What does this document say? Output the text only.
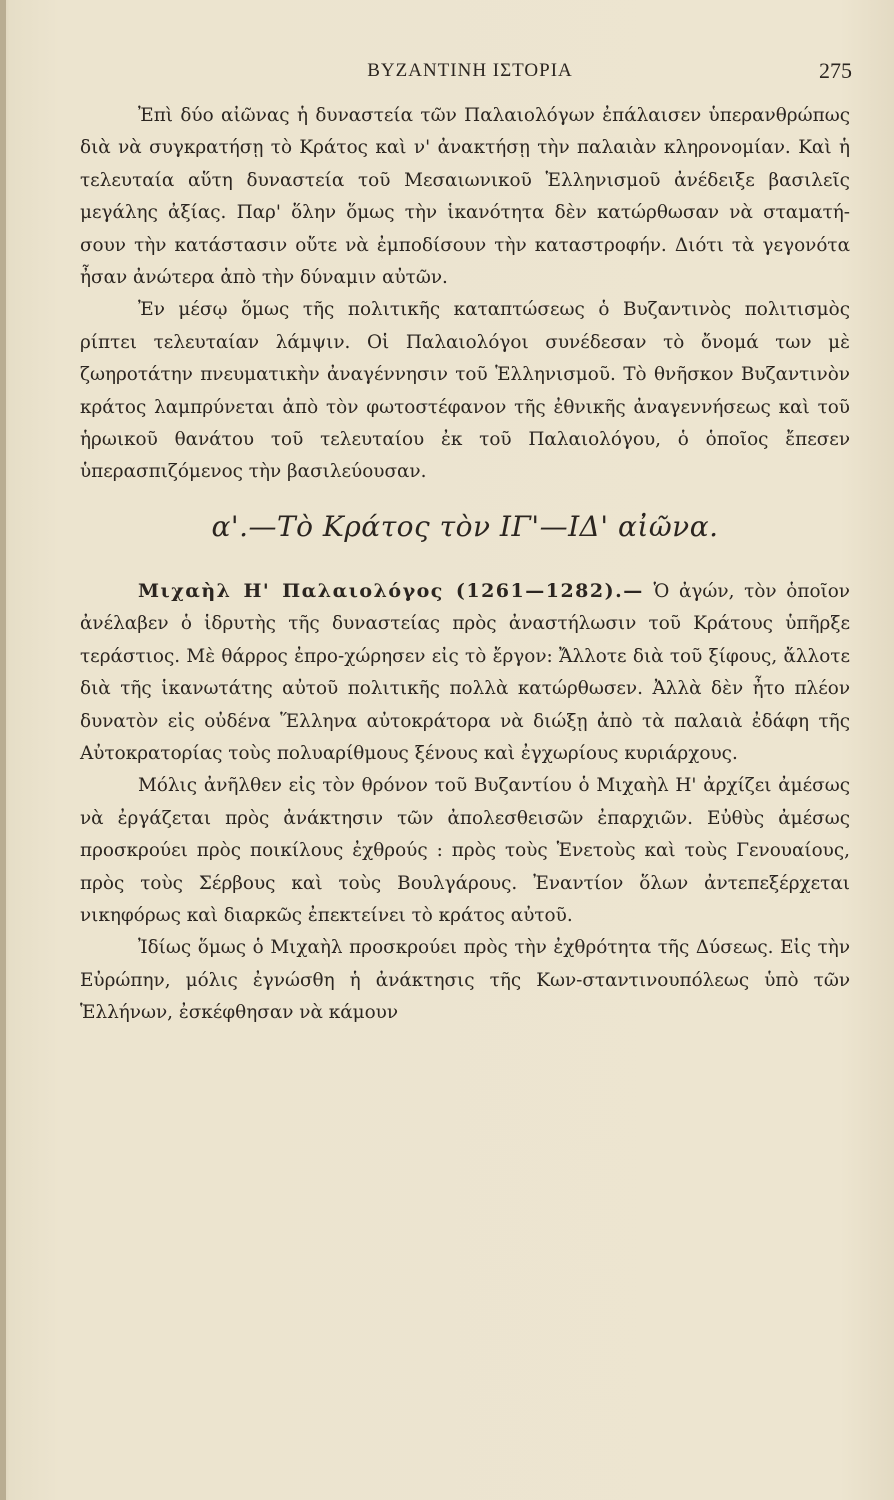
ΒΥΖΑΝΤΙΝΗ ΙΣΤΟΡΙΑ	275

Ἐπὶ δύο αἰῶνας ἡ δυναστεία τῶν Παλαιολόγων ἐπάλαισεν ὑπερανθρώπως διὰ νὰ συγκρατήσῃ τὸ Κράτος καὶ ν' ἀνακτήσῃ τὴν παλαιὰν κληρονομίαν. Καὶ ἡ τελευταία αὕτη δυναστεία τοῦ Μεσαιωνικοῦ Ἑλληνισμοῦ ἀνέδειξε βασιλεῖς μεγάλης ἀξίας. Παρ' ὅλην ὅμως τὴν ἱκανότητα δὲν κατώρθωσαν νὰ σταματή-σουν τὴν κατάστασιν οὔτε νὰ ἐμποδίσουν τὴν καταστροφήν. Διότι τὰ γεγονότα ἦσαν ἀνώτερα ἀπὸ τὴν δύναμιν αὐτῶν.

Ἐν μέσῳ ὅμως τῆς πολιτικῆς καταπτώσεως ὁ Βυζαντινὸς πολιτισμὸς ρίπτει τελευταίαν λάμψιν. Οἱ Παλαιολόγοι συνέδεσαν τὸ ὄνομά των μὲ ζωηροτάτην πνευματικὴν ἀναγέννησιν τοῦ Ἑλληνισμοῦ. Τὸ θνῆσκον Βυζαντινὸν κράτος λαμπρύνεται ἀπὸ τὸν φωτοστέφανον τῆς ἐθνικῆς ἀναγεννήσεως καὶ τοῦ ἡρωικοῦ θανάτου τοῦ τελευταίου ἐκ τοῦ Παλαιολόγου, ὁ ὁποῖος ἔπεσεν ὑπερασπιζόμενος τὴν βασιλεύουσαν.

α'.—Τὸ Κράτος τὸν ΙΓ'—ΙΔ' αἰῶνα.

Μιχαὴλ Η' Παλαιολόγος (1261—1282).— Ὁ ἀγών, τὸν ὁποῖον ἀνέλαβεν ὁ ἱδρυτὴς τῆς δυναστείας πρὸς ἀναστήλωσιν τοῦ Κράτους ὑπῆρξε τεράστιος. Μὲ θάρρος ἐπρο-χώρησεν εἰς τὸ ἔργον: Ἄλλοτε διὰ τοῦ ξίφους, ἄλλοτε διὰ τῆς ἱκανωτάτης αὐτοῦ πολιτικῆς πολλὰ κατώρθωσεν. Ἀλλὰ δὲν ἦτο πλέον δυνατὸν εἰς οὐδένα Ἕλληνα αὐτοκράτορα νὰ διώξῃ ἀπὸ τὰ παλαιὰ ἐδάφη τῆς Αὐτοκρατορίας τοὺς πολυαρίθμους ξένους καὶ ἐγχωρίους κυριάρχους.

Μόλις ἀνῆλθεν εἰς τὸν θρόνον τοῦ Βυζαντίου ὁ Μιχαὴλ Η' ἀρχίζει ἀμέσως νὰ ἐργάζεται πρὸς ἀνάκτησιν τῶν ἀπολεσθεισῶν ἐπαρχιῶν. Εὐθὺς ἀμέσως προσκρούει πρὸς ποικίλους ἐχθρούς : πρὸς τοὺς Ἑνετοὺς καὶ τοὺς Γενουαίους, πρὸς τοὺς Σέρβους καὶ τοὺς Βουλγάρους. Ἐναντίον ὅλων ἀντεπεξέρχεται νικηφόρως καὶ διαρκῶς ἐπεκτείνει τὸ κράτος αὐτοῦ.

Ἰδίως ὅμως ὁ Μιχαὴλ προσκρούει πρὸς τὴν ἐχθρότητα τῆς Δύσεως. Εἰς τὴν Εὐρώπην, μόλις ἐγνώσθη ἡ ἀνάκτησις τῆς Κων-σταντινουπόλεως ὑπὸ τῶν Ἑλλήνων, ἐσκέφθησαν νὰ κάμουν
